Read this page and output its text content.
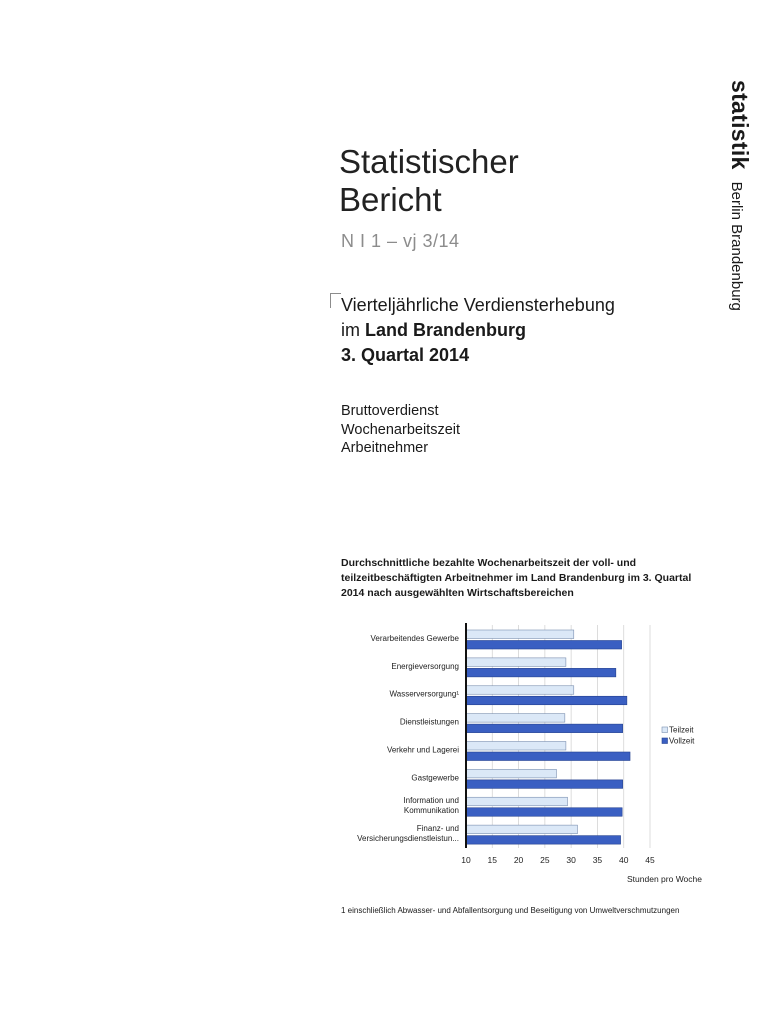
statistikBerlin Brandenburg
Statistischer
Bericht
N I 1 – vj 3/14
Vierteljährliche Verdiensterhebung
im Land Brandenburg
3. Quartal 2014
Bruttoverdienst
Wochenarbeitszeit
Arbeitnehmer
Durchschnittliche bezahlte Wochenarbeitszeit der voll- und teilzeitbeschäftigten Arbeitnehmer im Land Brandenburg im 3. Quartal 2014 nach ausgewählten Wirtschaftsbereichen
Verarbeitendes Gewerbe
Energieversorgung
Wasserversorgung¹
Dienstleistungen
Verkehr und Lagerei
Gastgewerbe
Information und
Kommunikation
Finanz- und
Versicherungsdienstleistun...
10 15 20 25 30 35 40 45
Stunden pro Woche
Teilzeit
Vollzeit
1 einschließlich Abwasser- und Abfallentsorgung und Beseitigung von Umweltverschmutzungen
